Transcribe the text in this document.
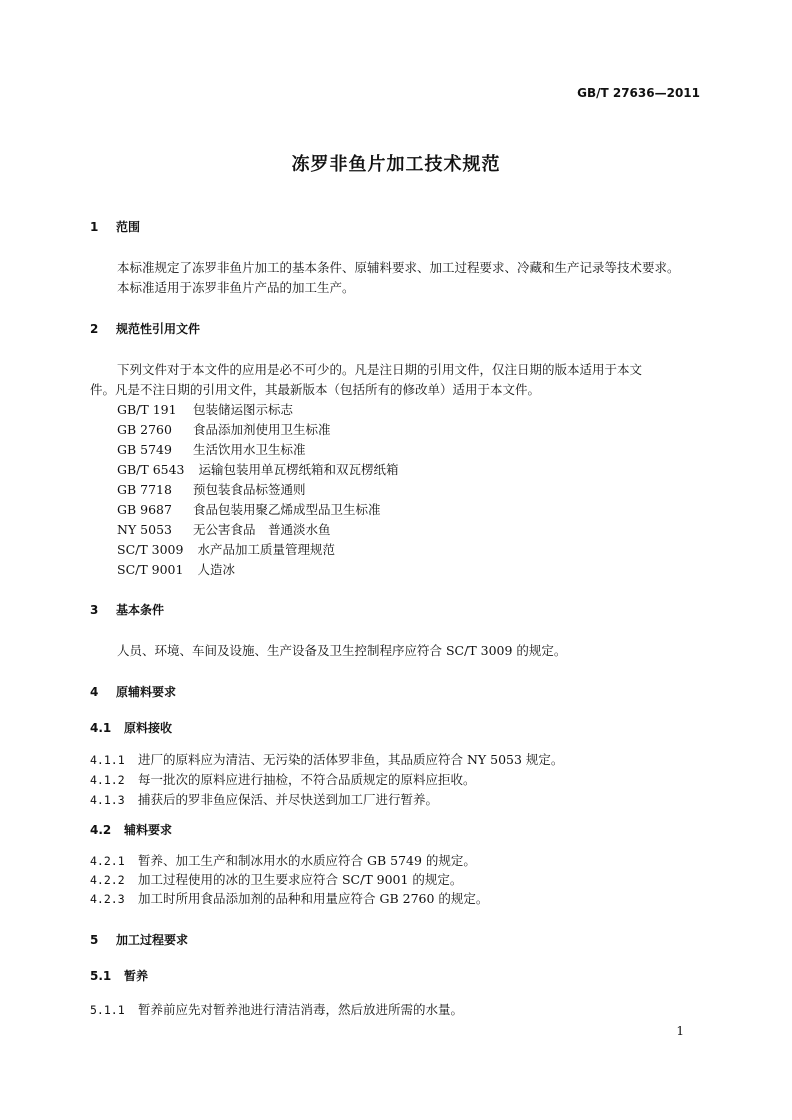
GB/T 27636—2011
冻罗非鱼片加工技术规范
1 范围
本标准规定了冻罗非鱼片加工的基本条件、原辅料要求、加工过程要求、冷藏和生产记录等技术要求。
本标准适用于冻罗非鱼片产品的加工生产。
2 规范性引用文件
下列文件对于本文件的应用是必不可少的。凡是注日期的引用文件，仅注日期的版本适用于本文
件。凡是不注日期的引用文件，其最新版本（包括所有的修改单）适用于本文件。
GB/T 191 包装储运图示标志
GB 2760 食品添加剂使用卫生标准
GB 5749 生活饮用水卫生标准
GB/T 6543 运输包装用单瓦楞纸箱和双瓦楞纸箱
GB 7718 预包装食品标签通则
GB 9687 食品包装用聚乙烯成型品卫生标准
NY 5053 无公害食品　普通淡水鱼
SC/T 3009 水产品加工质量管理规范
SC/T 9001 人造冰
3 基本条件
人员、环境、车间及设施、生产设备及卫生控制程序应符合 SC/T 3009 的规定。
4 原辅料要求
4.1 原料接收
4.1.1 进厂的原料应为清洁、无污染的活体罗非鱼，其品质应符合 NY 5053 规定。
4.1.2 每一批次的原料应进行抽检，不符合品质规定的原料应拒收。
4.1.3 捕获后的罗非鱼应保活、并尽快送到加工厂进行暂养。
4.2 辅料要求
4.2.1 暂养、加工生产和制冰用水的水质应符合 GB 5749 的规定。
4.2.2 加工过程使用的冰的卫生要求应符合 SC/T 9001 的规定。
4.2.3 加工时所用食品添加剂的品种和用量应符合 GB 2760 的规定。
5 加工过程要求
5.1 暂养
5.1.1 暂养前应先对暂养池进行清洁消毒，然后放进所需的水量。
1
